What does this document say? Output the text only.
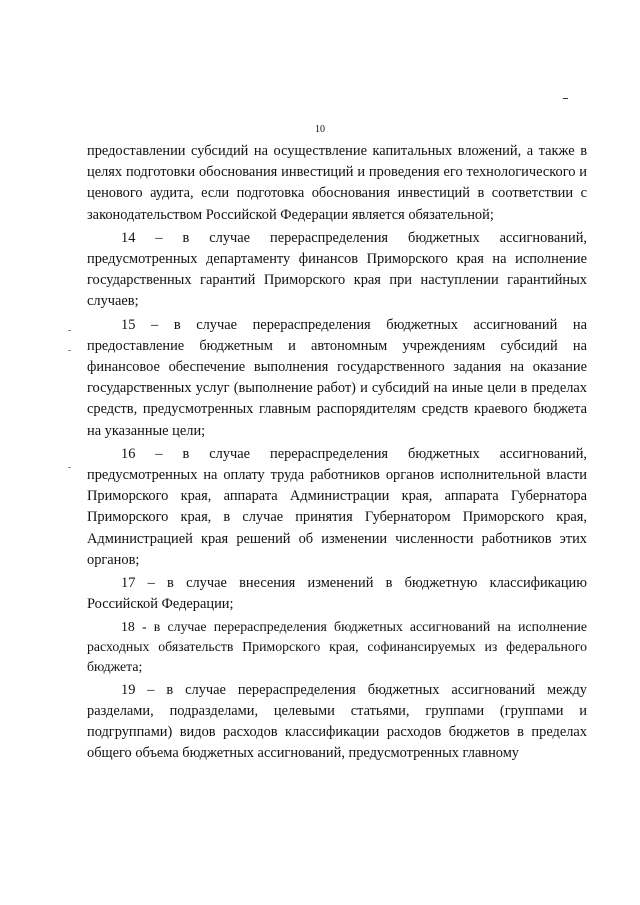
10

предоставлении субсидий на осуществление капитальных вложений, а также в целях подготовки обоснования инвестиций и проведения его технологического и ценового аудита, если подготовка обоснования инвестиций в соответствии с законодательством Российской Федерации является обязательной;

14 – в случае перераспределения бюджетных ассигнований, предусмотренных департаменту финансов Приморского края на исполнение государственных гарантий Приморского края при наступлении гарантийных случаев;

15 – в случае перераспределения бюджетных ассигнований на предоставление бюджетным и автономным учреждениям субсидий на финансовое обеспечение выполнения государственного задания на оказание государственных услуг (выполнение работ) и субсидий на иные цели в пределах средств, предусмотренных главным распорядителям средств краевого бюджета на указанные цели;

16 – в случае перераспределения бюджетных ассигнований, предусмотренных на оплату труда работников органов исполнительной власти Приморского края, аппарата Администрации края, аппарата Губернатора Приморского края, в случае принятия Губернатором Приморского края, Администрацией края решений об изменении численности работников этих органов;

17 – в случае внесения изменений в бюджетную классификацию Российской Федерации;

18 - в случае перераспределения бюджетных ассигнований на исполнение расходных обязательств Приморского края, софинансируемых из федерального бюджета;

19 – в случае перераспределения бюджетных ассигнований между разделами, подразделами, целевыми статьями, группами (группами и подгруппами) видов расходов классификации расходов бюджетов в пределах общего объема бюджетных ассигнований, предусмотренных главному
